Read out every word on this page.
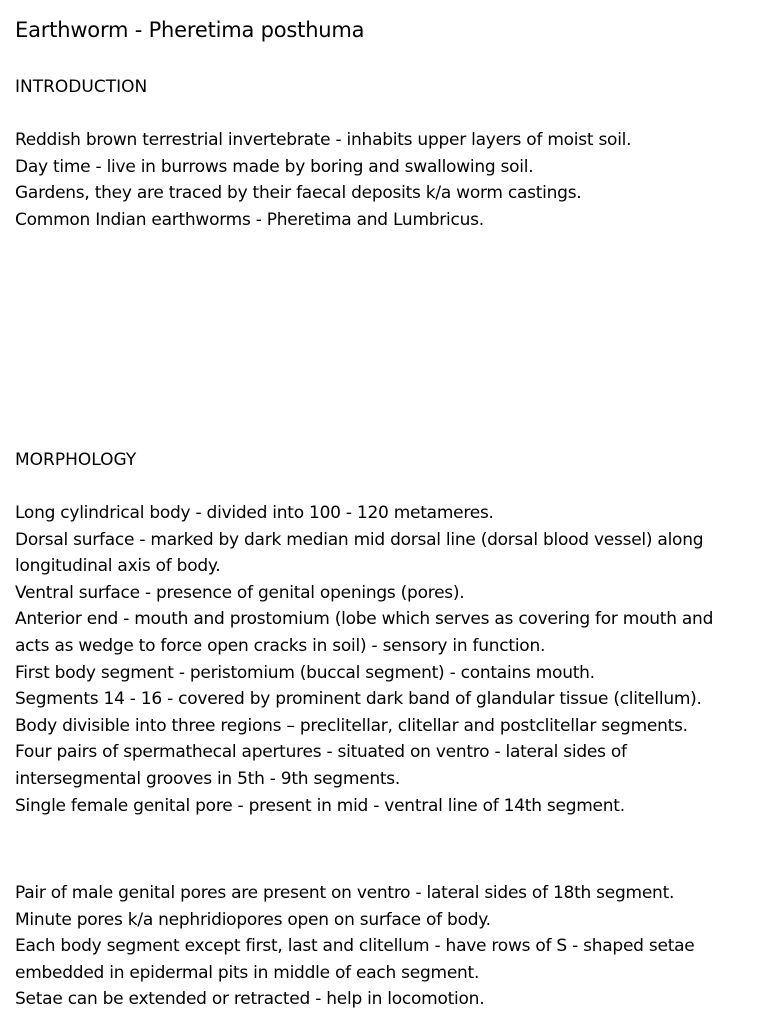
Earthworm - Pheretima posthuma
INTRODUCTION
Reddish brown terrestrial invertebrate - inhabits upper layers of moist soil.
Day time - live in burrows made by boring and swallowing soil.
Gardens, they are traced by their faecal deposits k/a worm castings.
Common Indian earthworms - Pheretima and Lumbricus.
MORPHOLOGY
Long cylindrical body - divided into 100 - 120 metameres.
Dorsal surface - marked by dark median mid dorsal line (dorsal blood vessel) along
longitudinal axis of body.
Ventral surface - presence of genital openings (pores).
Anterior end - mouth and prostomium (lobe which serves as covering for mouth and
acts as wedge to force open cracks in soil) - sensory in function.
First body segment - peristomium (buccal segment) - contains mouth.
Segments 14 - 16 - covered by prominent dark band of glandular tissue (clitellum).
Body divisible into three regions – preclitellar, clitellar and postclitellar segments.
Four pairs of spermathecal apertures - situated on ventro - lateral sides of
intersegmental grooves in 5th - 9th segments.
Single female genital pore - present in mid - ventral line of 14th segment.
Pair of male genital pores are present on ventro - lateral sides of 18th segment.
Minute pores k/a nephridiopores open on surface of body.
Each body segment except first, last and clitellum - have rows of S - shaped setae
embedded in epidermal pits in middle of each segment.
Setae can be extended or retracted - help in locomotion.
